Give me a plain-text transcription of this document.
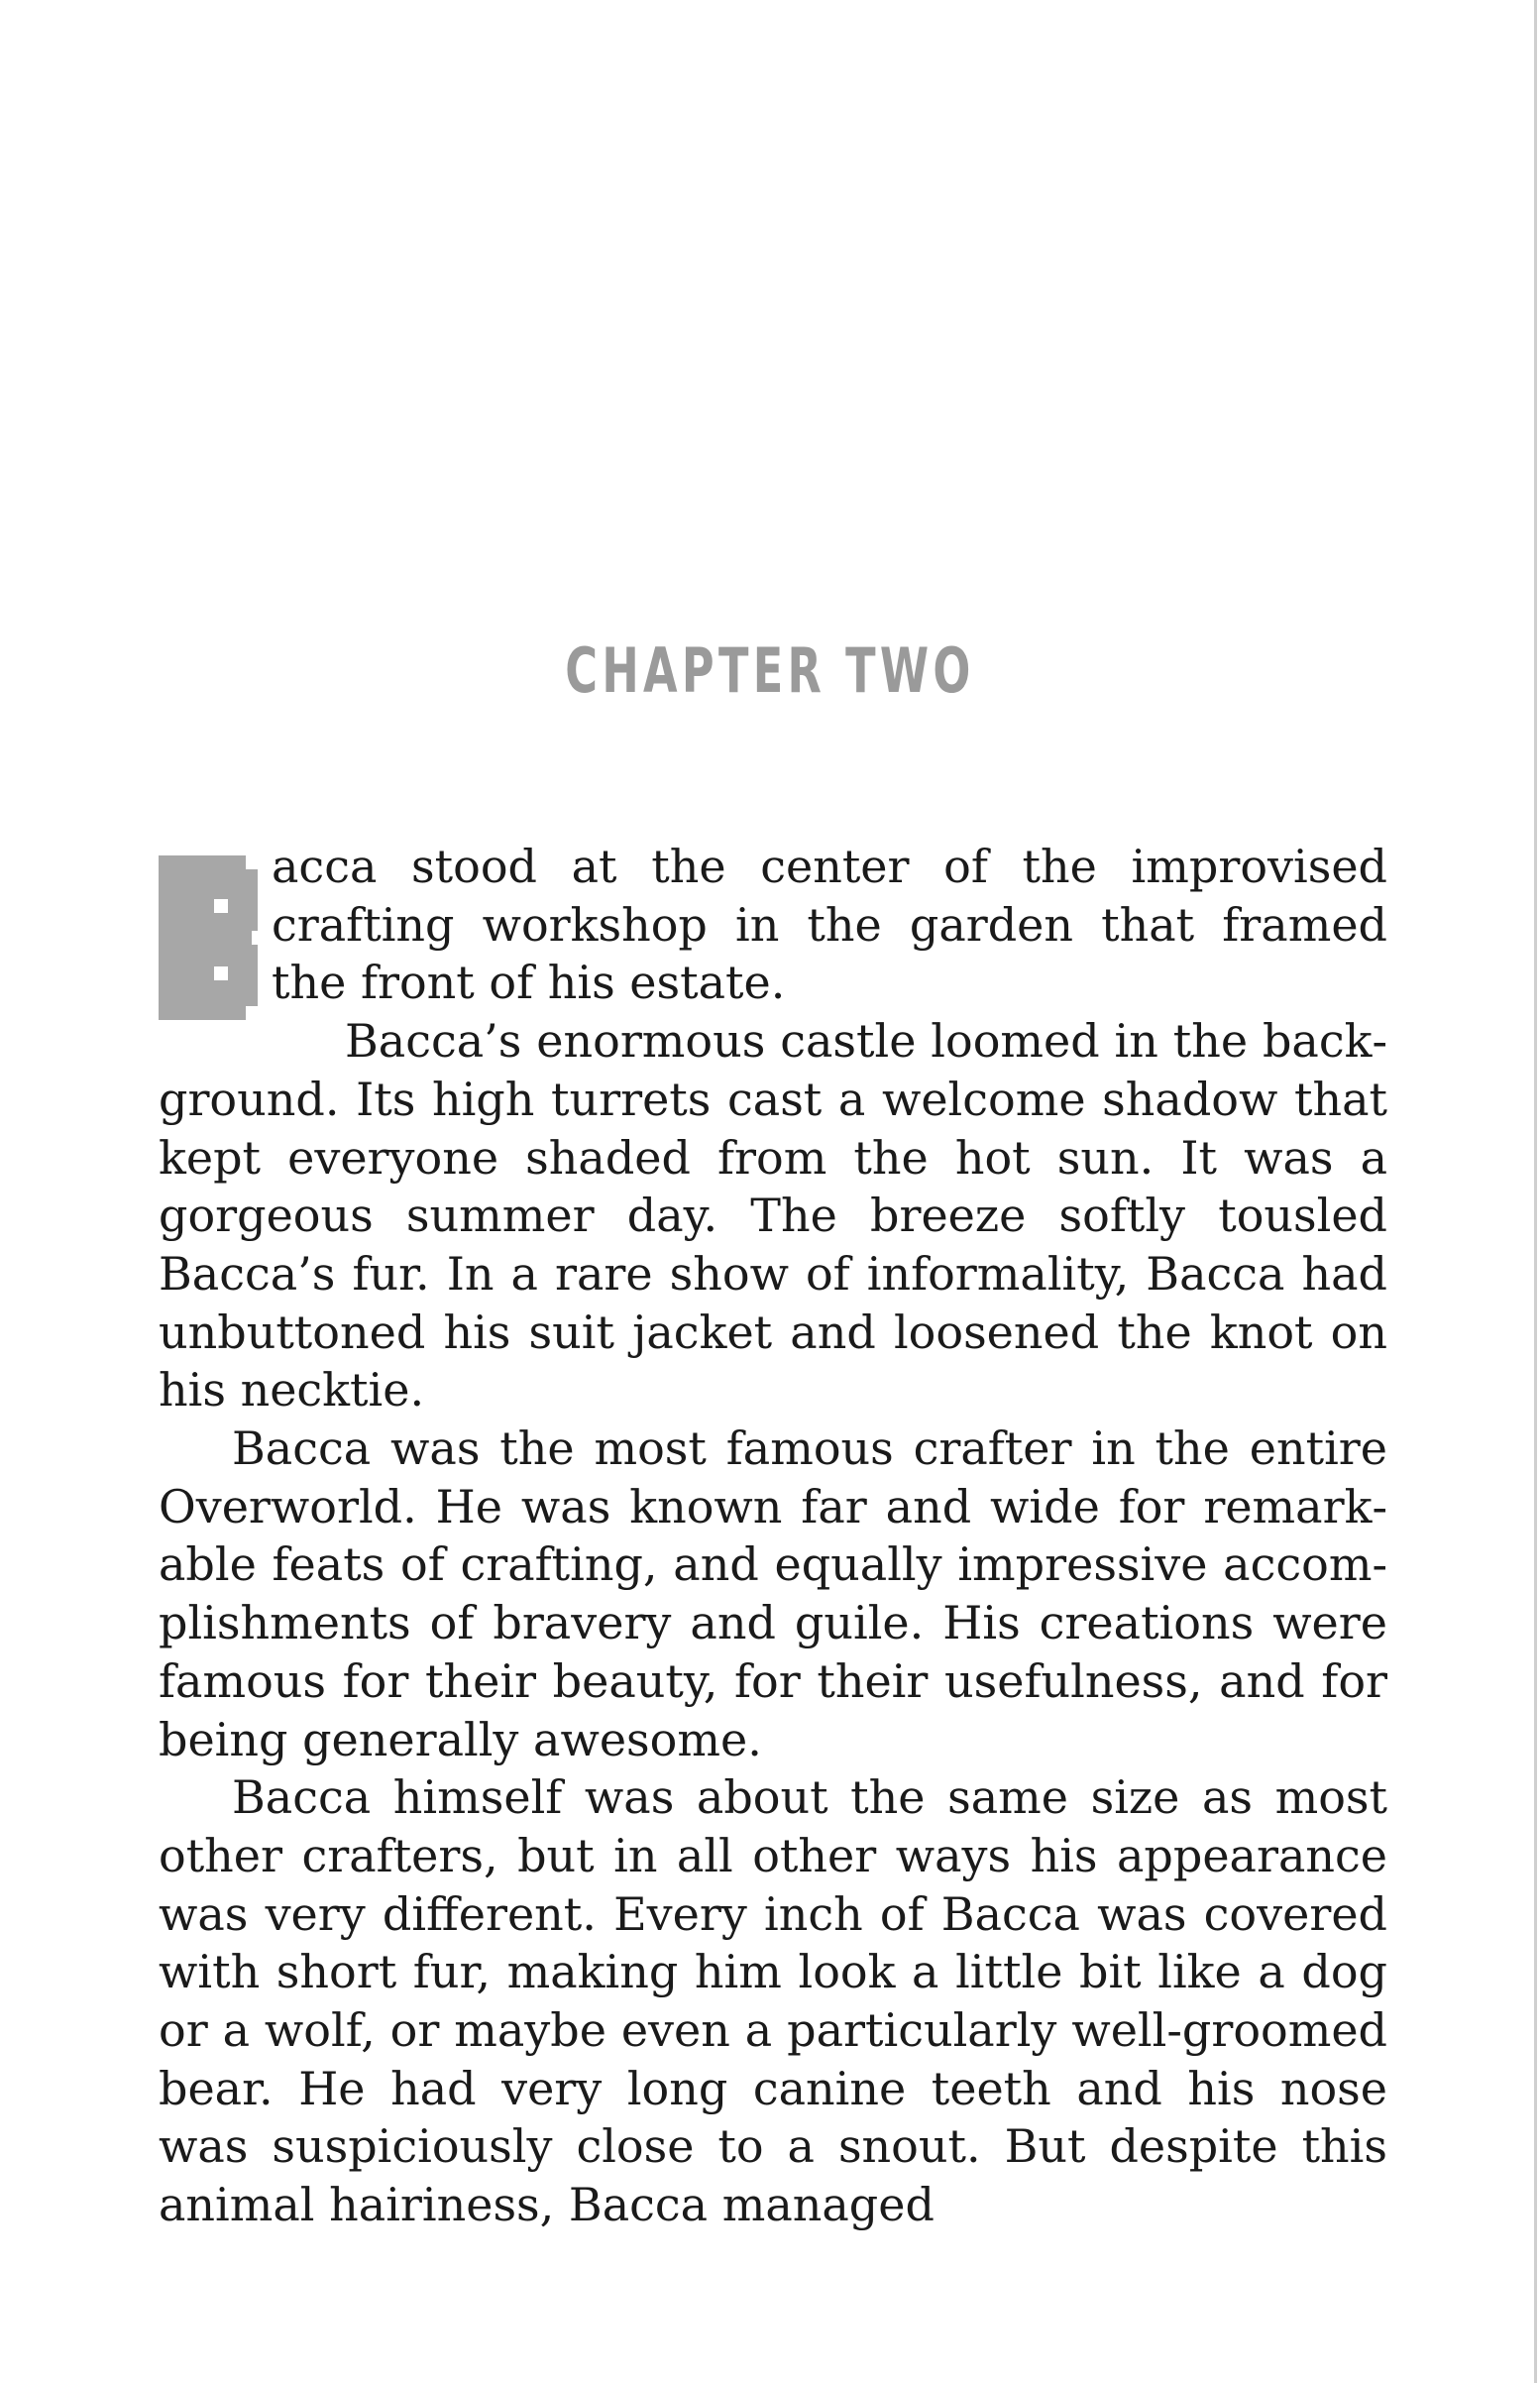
CHAPTER TWO

acca stood at the center of the improvised crafting workshop in the garden that framed the front of his estate.

Bacca’s enormous castle loomed in the background. Its high turrets cast a welcome shadow that kept everyone shaded from the hot sun. It was a gorgeous summer day. The breeze softly tousled Bacca’s fur. In a rare show of informality, Bacca had unbuttoned his suit jacket and loosened the knot on his necktie.

Bacca was the most famous crafter in the entire Overworld. He was known far and wide for remarkable feats of crafting, and equally impressive accomplishments of bravery and guile. His creations were famous for their beauty, for their usefulness, and for being generally awesome.

Bacca himself was about the same size as most other crafters, but in all other ways his appearance was very different. Every inch of Bacca was covered with short fur, making him look a little bit like a dog or a wolf, or maybe even a particularly well-groomed bear. He had very long canine teeth and his nose was suspiciously close to a snout. But despite this animal hairiness, Bacca managed
